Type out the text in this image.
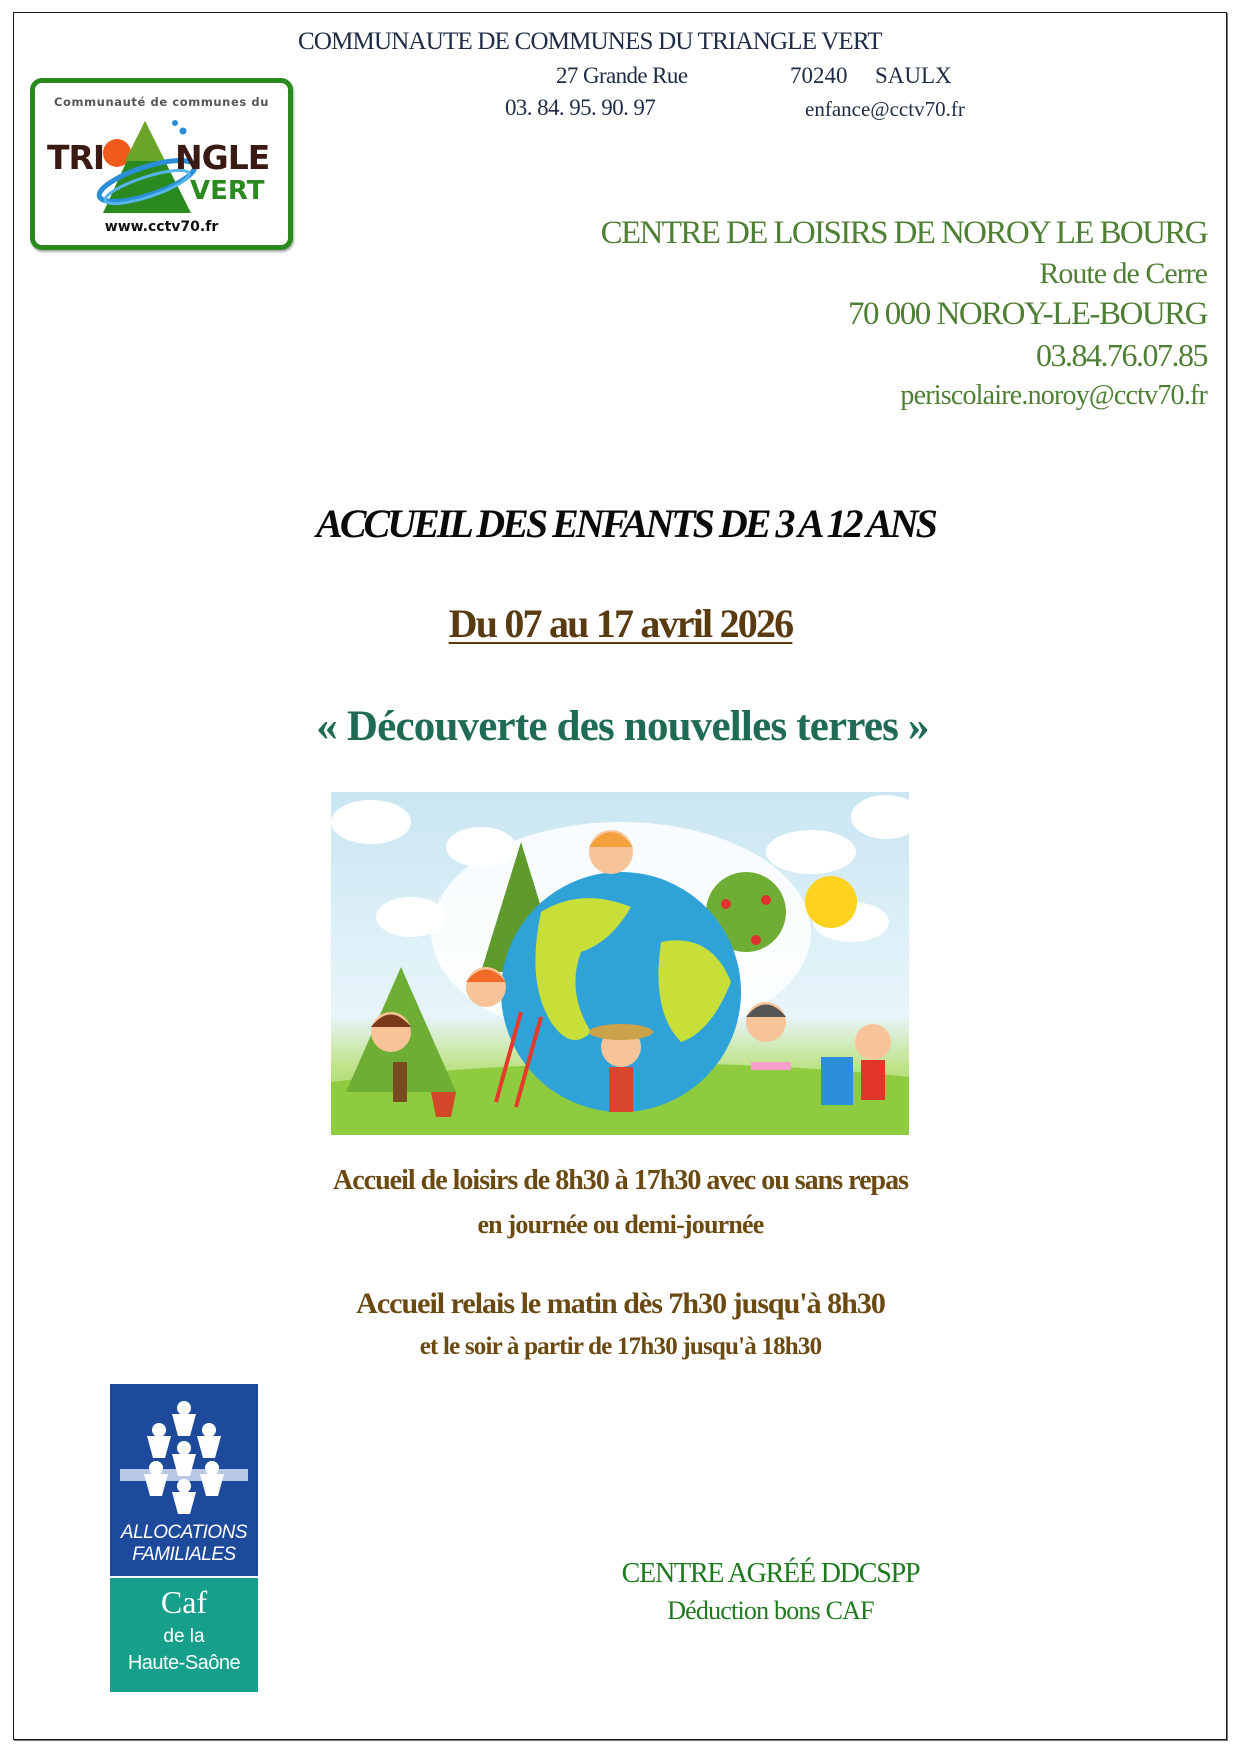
COMMUNAUTE DE COMMUNES DU TRIANGLE VERT
27 Grande Rue	70240 SAULX
03. 84. 95. 90. 97	enfance@cctv70.fr
Communauté de communes du
TRI NGLE
VERT
www.cctv70.fr	CENTRE DE LOISIRS DE NOROY LE BOURG
Route de Cerre
70 000 NOROY-LE-BOURG
03.84.76.07.85
periscolaire.noroy@cctv70.fr
ACCUEIL DES ENFANTS DE 3 A 12 ANS
Du 07 au 17 avril 2026
« Découverte des nouvelles terres »
Accueil de loisirs de 8h30 à 17h30 avec ou sans repas
en journée ou demi-journée
Accueil relais le matin dès 7h30 jusqu'à 8h30
et le soir à partir de 17h30 jusqu'à 18h30
ALLOCATIONS
FAMILIALES
Caf
de la
Haute-Saône
CENTRE AGRÉÉ DDCSPP
Déduction bons CAF
